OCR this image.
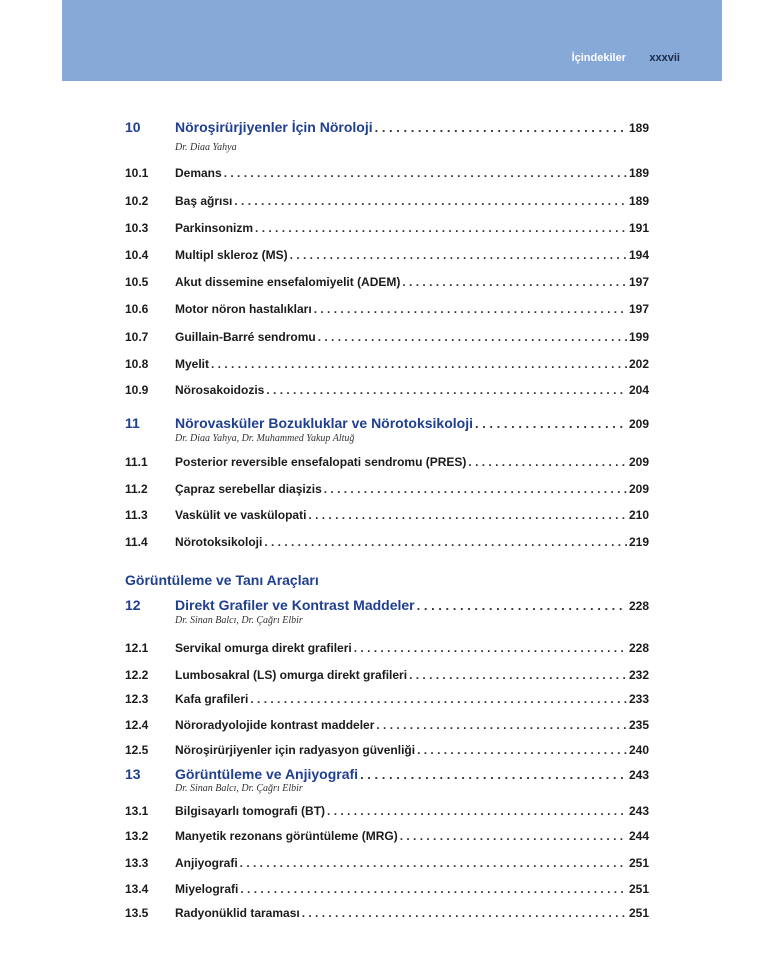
İçindekiler xxxvii
10	Nöroşirürjiyenler İçin Nöroloji . . .	189
Dr. Diaa Yahya
10.1	Demans . . .	189
10.2	Baş ağrısı . . .	189
10.3	Parkinsonizm . . .	191
10.4	Multipl skleroz (MS) . . .	194
10.5	Akut dissemine ensefalomiyelit (ADEM) . . .	197
10.6	Motor nöron hastalıkları . . .	197
10.7	Guillain-Barré sendromu . . .	199
10.8	Myelit . . .	202
10.9	Nörosakoidozis . . .	204
11	Nörovasküler Bozukluklar ve Nörotoksikoloji . . .	209
Dr. Diaa Yahya, Dr. Muhammed Yakup Altuğ
11.1	Posterior reversible ensefalopati sendromu (PRES) . . .	209
11.2	Çapraz serebellar diaşizis . . .	209
11.3	Vaskülit ve vaskülopati . . .	210
11.4	Nörotoksikoloji . . .	219
Görüntüleme ve Tanı Araçları
12	Direkt Grafiler ve Kontrast Maddeler . . .	228
Dr. Sinan Balcı, Dr. Çağrı Elbir
12.1	Servikal omurga direkt grafileri . . .	228
12.2	Lumbosakral (LS) omurga direkt grafileri . . .	232
12.3	Kafa grafileri . . .	233
12.4	Nöroradyolojide kontrast maddeler . . .	235
12.5	Nöroşirürjiyenler için radyasyon güvenliği . . .	240
13	Görüntüleme ve Anjiyografi . . .	243
Dr. Sinan Balcı, Dr. Çağrı Elbir
13.1	Bilgisayarlı tomografi (BT) . . .	243
13.2	Manyetik rezonans görüntüleme (MRG) . . .	244
13.3	Anjiyografi . . .	251
13.4	Miyelografi . . .	251
13.5	Radyonüklid taraması . . .	251
